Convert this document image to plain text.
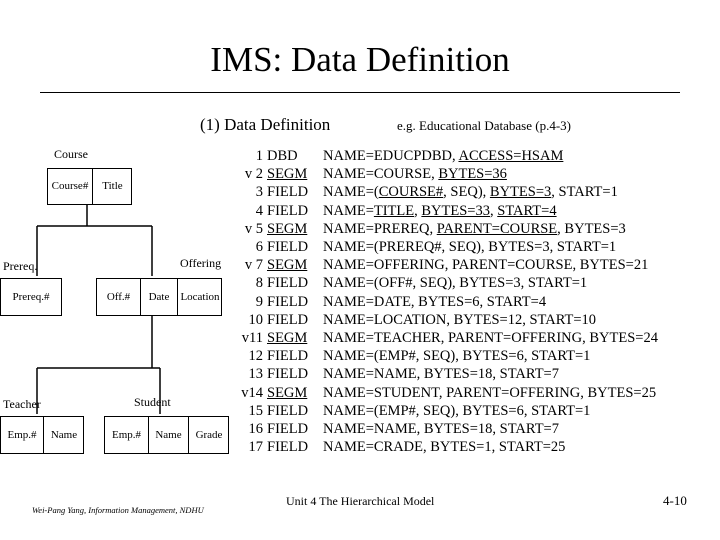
IMS: Data Definition
(1) Data Definition	e.g. Educational Database (p.4-3)
Course
Course#	Title
Prereq.
Prereq.#
Offering
Off.#	Date	Location
Teacher
Emp.#	Name
Student
Emp.#	Name	Grade
1	DBD	NAME=EDUCPDBD, ACCESS=HSAM
v 2	SEGM	NAME=COURSE, BYTES=36
3	FIELD	NAME=(COURSE#, SEQ), BYTES=3, START=1
4	FIELD	NAME=TITLE, BYTES=33, START=4
v 5	SEGM	NAME=PREREQ, PARENT=COURSE, BYTES=3
6	FIELD	NAME=(PREREQ#, SEQ), BYTES=3, START=1
v 7	SEGM	NAME=OFFERING, PARENT=COURSE, BYTES=21
8	FIELD	NAME=(OFF#, SEQ), BYTES=3, START=1
9	FIELD	NAME=DATE, BYTES=6, START=4
10	FIELD	NAME=LOCATION, BYTES=12, START=10
v11	SEGM	NAME=TEACHER, PARENT=OFFERING, BYTES=24
12	FIELD	NAME=(EMP#, SEQ), BYTES=6, START=1
13	FIELD	NAME=NAME, BYTES=18, START=7
v14	SEGM	NAME=STUDENT, PARENT=OFFERING, BYTES=25
15	FIELD	NAME=(EMP#, SEQ), BYTES=6, START=1
16	FIELD	NAME=NAME, BYTES=18, START=7
17	FIELD	NAME=CRADE, BYTES=1, START=25
Wei-Pang Yang, Information Management, NDHU
Unit 4 The Hierarchical Model	4-10
